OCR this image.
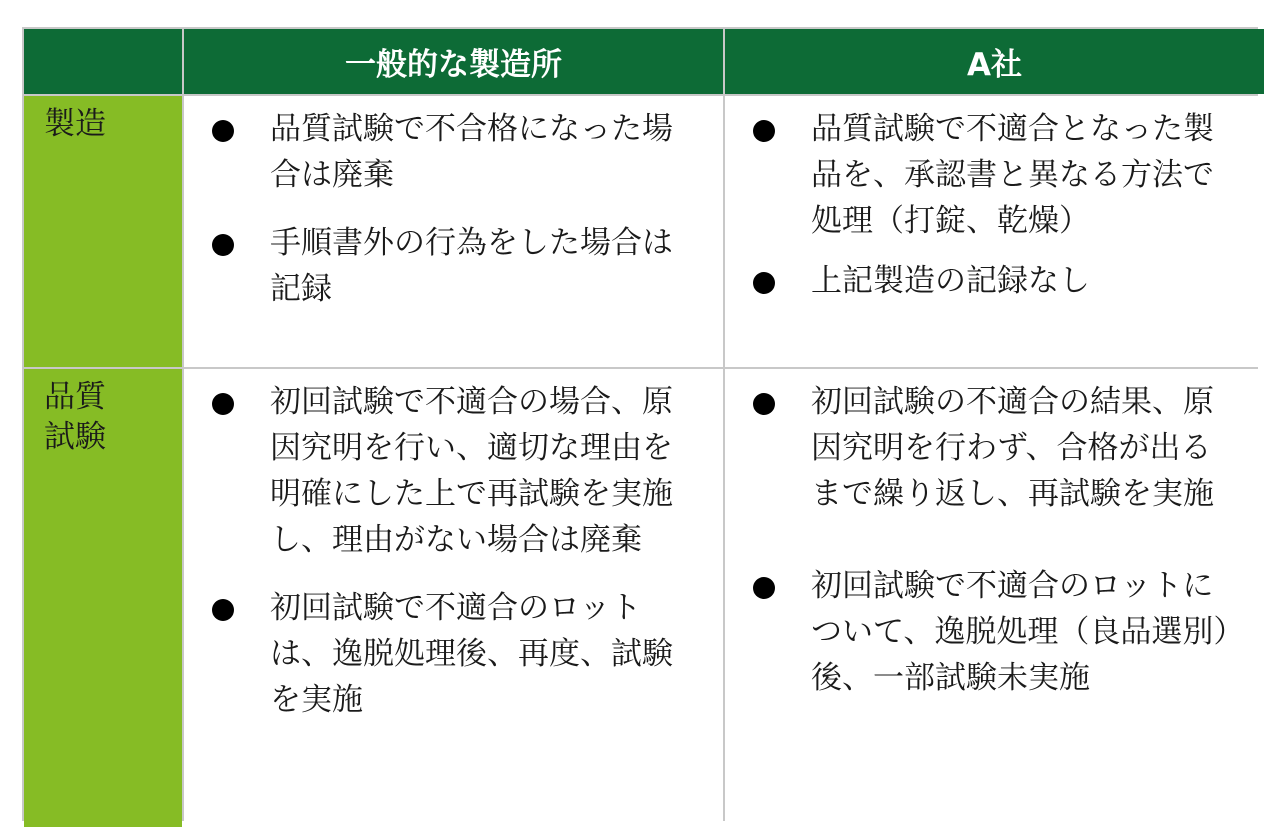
一般的な製造所	A社
製造	品質試験で不合格になった場合は廃棄
手順書外の行為をした場合は記録
品質試験で不適合となった製品を、承認書と異なる方法で処理（打錠、乾燥）
上記製造の記録なし
品質
試験
初回試験で不適合の場合、原因究明を行い、適切な理由を明確にした上で再試験を実施し、理由がない場合は廃棄
初回試験で不適合のロットは、逸脱処理後、再度、試験を実施
初回試験の不適合の結果、原因究明を行わず、合格が出るまで繰り返し、再試験を実施
初回試験で不適合のロットについて、逸脱処理（良品選別）後、一部試験未実施
